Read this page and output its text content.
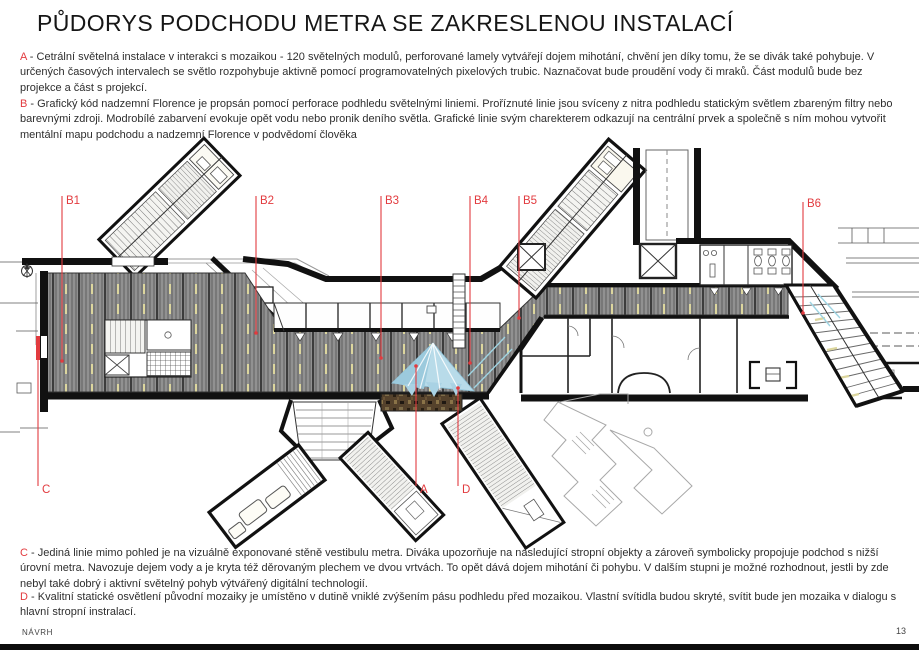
B1	B2	B3	B4	B5	B6
A	D
C
PŮDORYS PODCHODU METRA SE ZAKRESLENOU INSTALACÍ
A - Cetrální světelná instalace v interakci s mozaikou - 120 světelných modulů, perforované lamely vytvářejí dojem mihotání, chvění jen díky tomu, že se divák také pohybuje. V určených časových intervalech se světlo rozpohybuje aktivně pomocí programovatelných pixelových trubic. Naznačovat bude proudění vody či mraků. Část modulů bude bez projekce a část s projekcí.
B - Grafický kód nadzemní Florence je propsán pomocí perforace podhledu světelnými liniemi. Proříznuté linie jsou svíceny z nitra podhledu statickým světlem zbareným filtry nebo barevnými zdroji. Modrobílé zabarvení evokuje opět vodu nebo pronik deního světla. Grafické linie svým charekterem odkazují na centrální prvek a společně s ním mohou vytvořit mentální mapu podchodu a nadzemní Florence v podvědomí člověka
C - Jediná linie mimo pohled je na vizuálně exponované stěně vestibulu metra. Diváka upozorňuje na následující stropní objekty a zároveň symbolicky propojuje podchod s nižší úrovní metra. Navozuje dejem vody a je kryta též děrovaným plechem ve dvou vrtvách. To opět dává dojem mihotání či pohybu. V dalším stupni je možné rozhodnout, jestli by zde nebyl také dobrý i aktivní světelný pohyb výtvářený digitální technologií.
D - Kvalitní statické osvětlení původní mozaiky je umístěno v dutině vniklé zvýšením pásu podhledu před mozaikou. Vlastní svítidla budou skryté, svítit bude jen mozaika v dialogu s hlavní stropní instralací.
NÁVRH	13
